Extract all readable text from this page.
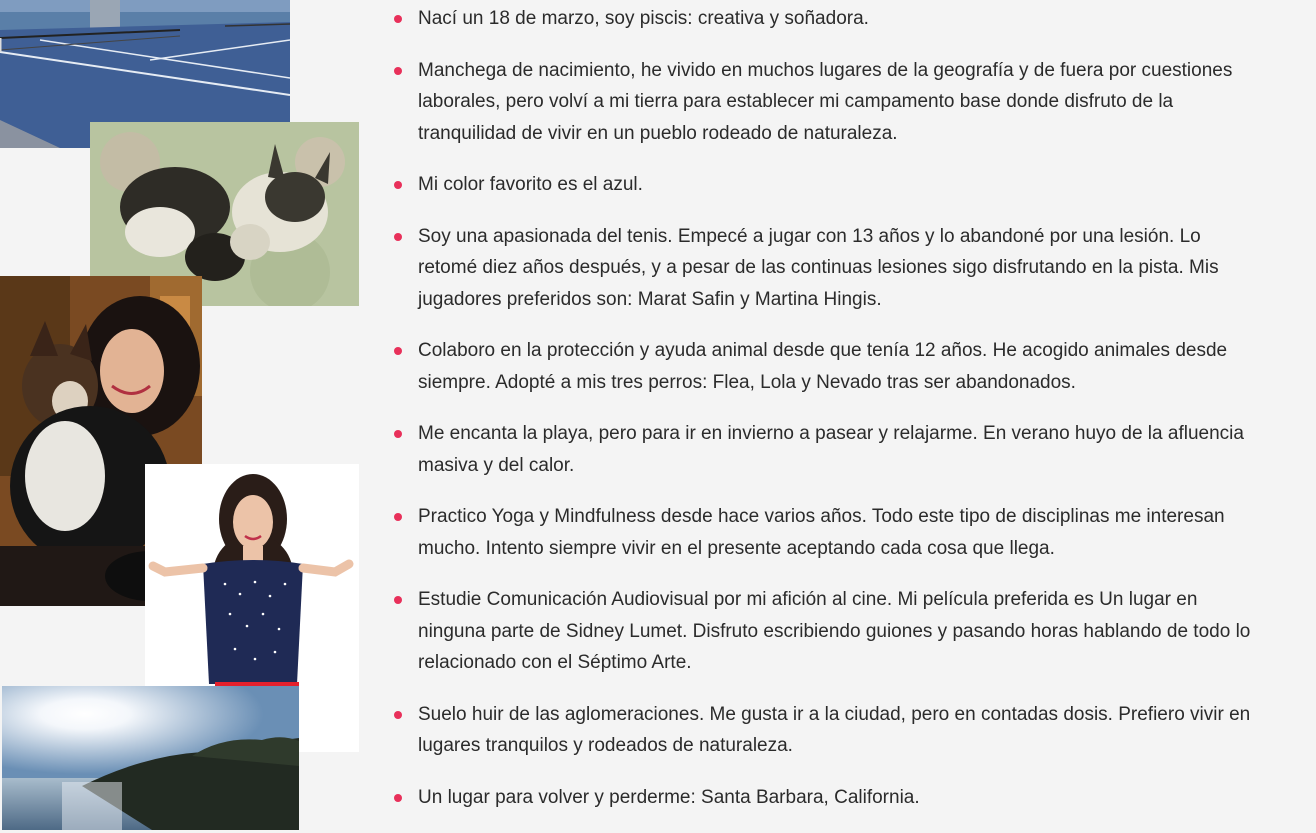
Nací un 18 de marzo, soy piscis: creativa y soñadora.
Manchega de nacimiento, he vivido en muchos lugares de la geografía y de fuera por cuestiones laborales, pero volví a mi tierra para establecer mi campamento base donde disfruto de la tranquilidad de vivir en un pueblo rodeado de naturaleza.
Mi color favorito es el azul.
Soy una apasionada del tenis. Empecé a jugar con 13 años y lo abandoné por una lesión. Lo retomé diez años después, y a pesar de las continuas lesiones sigo disfrutando en la pista. Mis jugadores preferidos son: Marat Safin y Martina Hingis.
Colaboro en la protección y ayuda animal desde que tenía 12 años. He acogido animales desde siempre. Adopté a mis tres perros: Flea, Lola y Nevado tras ser abandonados.
Me encanta la playa, pero para ir en invierno a pasear y relajarme. En verano huyo de la afluencia masiva y del calor.
Practico Yoga y Mindfulness desde hace varios años. Todo este tipo de disciplinas me interesan mucho. Intento siempre vivir en el presente aceptando cada cosa que llega.
Estudie Comunicación Audiovisual por mi afición al cine. Mi película preferida es Un lugar en ninguna parte de Sidney Lumet. Disfruto escribiendo guiones y pasando horas hablando de todo lo relacionado con el Séptimo Arte.
Suelo huir de las aglomeraciones. Me gusta ir a la ciudad, pero en contadas dosis. Prefiero vivir en lugares tranquilos y rodeados de naturaleza.
Un lugar para volver y perderme: Santa Barbara, California.
